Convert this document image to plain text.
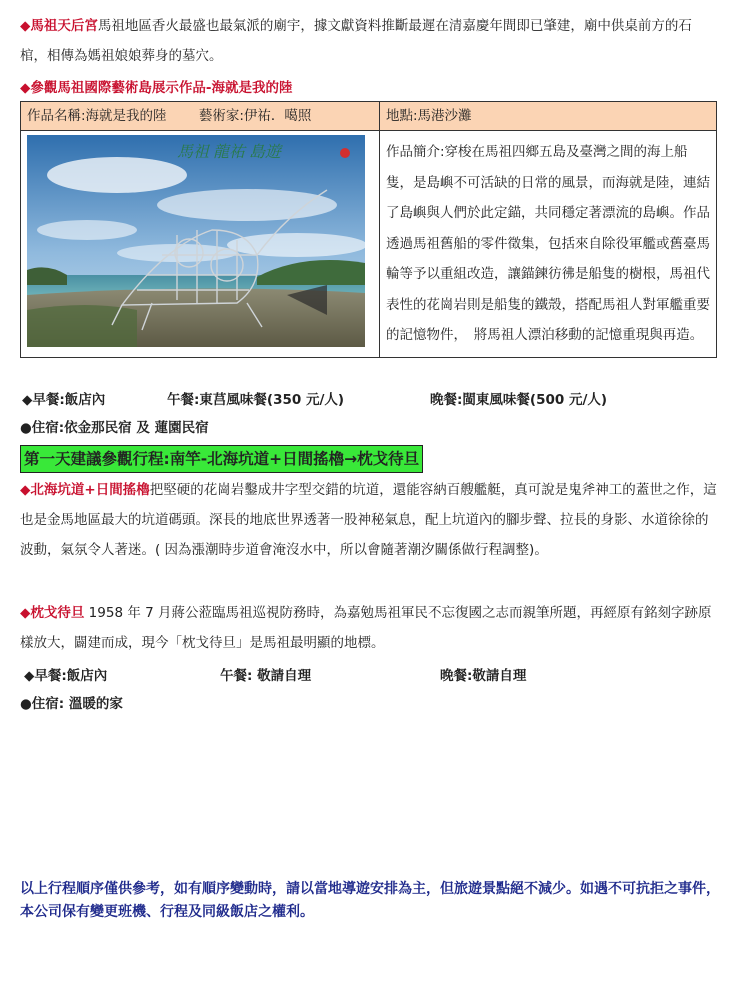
◆馬祖天后宮馬祖地區香火最盛也最氣派的廟宇，據文獻資料推斷最遲在清嘉慶年間即已肇建，廟中供桌前方的石棺，相傳為媽祖娘娘葬身的墓穴。
◆參觀馬祖國際藝術島展示作品-海就是我的陸
作品名稱:海就是我的陸 藝術家:伊祐．噶照	地點:馬港沙灘

馬祖 龍祐 島遊	作品簡介:穿梭在馬祖四鄉五島及臺灣之間的海上船隻，是島嶼不可活缺的日常的風景，而海就是陸，連結了島嶼與人們於此定錨，共同穩定著漂流的島嶼。作品透過馬祖舊船的零件徵集，包括來自除役軍艦或舊臺馬輪等予以重組改造，讓錨鍊彷彿是船隻的樹根，馬祖代表性的花崗岩則是船隻的鐵殼，搭配馬祖人對軍艦重要的記憶物件，　將馬祖人漂泊移動的記憶重現與再造。
◆早餐:飯店內	午餐:東莒風味餐(350 元/人)	晚餐:閩東風味餐(500 元/人)
●住宿:依金那民宿 及 蓮園民宿
第一天建議參觀行程:南竿-北海坑道+日間搖櫓→枕戈待旦
◆北海坑道+日間搖櫓把堅硬的花崗岩鑿成井字型交錯的坑道，還能容納百艘艦艇，真可說是鬼斧神工的蓋世之作，這也是金馬地區最大的坑道碼頭。深長的地底世界透著一股神秘氣息，配上坑道內的腳步聲、拉長的身影、水道徐徐的波動，氣氛令人著迷。( 因為漲潮時步道會淹沒水中，所以會隨著潮汐關係做行程調整)。
◆枕戈待旦 1958 年 7 月蔣公蒞臨馬祖巡視防務時，為嘉勉馬祖軍民不忘復國之志而親筆所題，再經原有銘刻字跡原樣放大，闢建而成，現今「枕戈待旦」是馬祖最明顯的地標。
◆早餐:飯店內	午餐: 敬請自理	晚餐:敬請自理
●住宿: 溫暖的家
以上行程順序僅供參考，如有順序變動時，請以當地導遊安排為主，但旅遊景點絕不減少。如遇不可抗拒之事件，本公司保有變更班機、行程及同級飯店之權利。
